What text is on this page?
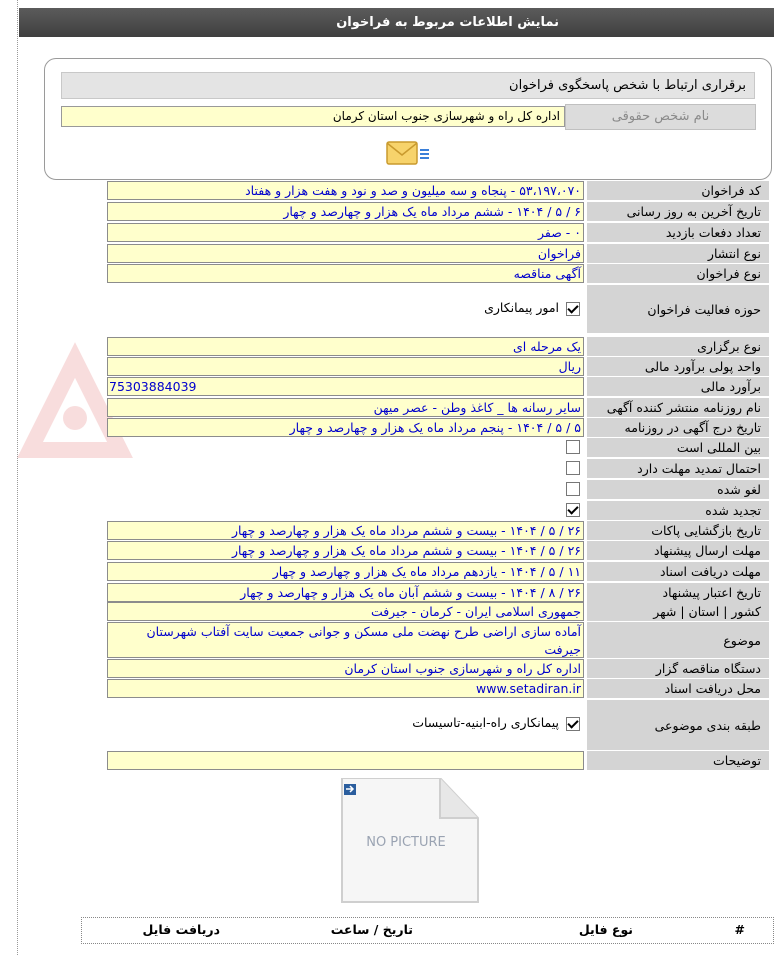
نمایش اطلاعات مربوط به فراخوان
برقراری ارتباط با شخص پاسخگوی فراخوان
نام شخص حقوقی
اداره کل راه و شهرسازی جنوب استان کرمان
کد فراخوان
۵۳،۱۹۷،۰۷۰ - پنجاه و سه میلیون و صد و نود و هفت هزار و هفتاد
تاریخ آخرین به روز رسانی
۶ / ۵ / ۱۴۰۴ - ششم مرداد ماه یک هزار و چهارصد و چهار
تعداد دفعات بازدید
۰ - صفر
نوع انتشار
فراخوان
نوع فراخوان
آگهی مناقصه
حوزه فعالیت فراخوان
امور پیمانکاری
نوع برگزاری
یک مرحله ای
واحد پولی برآورد مالی
ریال
برآورد مالی
75303884039
نام روزنامه منتشر کننده آگهی
سایر رسانه ها _ کاغذ وطن - عصر میهن
تاریخ درج آگهی در روزنامه
۵ / ۵ / ۱۴۰۴ - پنجم مرداد ماه یک هزار و چهارصد و چهار
بین المللی است
احتمال تمدید مهلت دارد
لغو شده
تجدید شده
تاریخ بازگشایی پاکات
۲۶ / ۵ / ۱۴۰۴ - بیست و ششم مرداد ماه یک هزار و چهارصد و چهار
مهلت ارسال پیشنهاد
۲۶ / ۵ / ۱۴۰۴ - بیست و ششم مرداد ماه یک هزار و چهارصد و چهار
مهلت دریافت اسناد
۱۱ / ۵ / ۱۴۰۴ - یازدهم مرداد ماه یک هزار و چهارصد و چهار
تاریخ اعتبار پیشنهاد
۲۶ / ۸ / ۱۴۰۴ - بیست و ششم آبان ماه یک هزار و چهارصد و چهار
کشور | استان | شهر
جمهوری اسلامی ایران - کرمان - جیرفت
موضوع
آماده سازی اراضی طرح نهضت ملی مسکن و جوانی جمعیت سایت آفتاب شهرستان جیرفت
دستگاه مناقصه گزار
اداره کل راه و شهرسازی جنوب استان کرمان
محل دریافت اسناد
www.setadiran.ir
طبقه بندی موضوعی
پیمانکاری راه-ابنیه-تاسیسات
توضیحات
NO PICTURE
#
نوع فایل
تاریخ / ساعت
دریافت فایل
